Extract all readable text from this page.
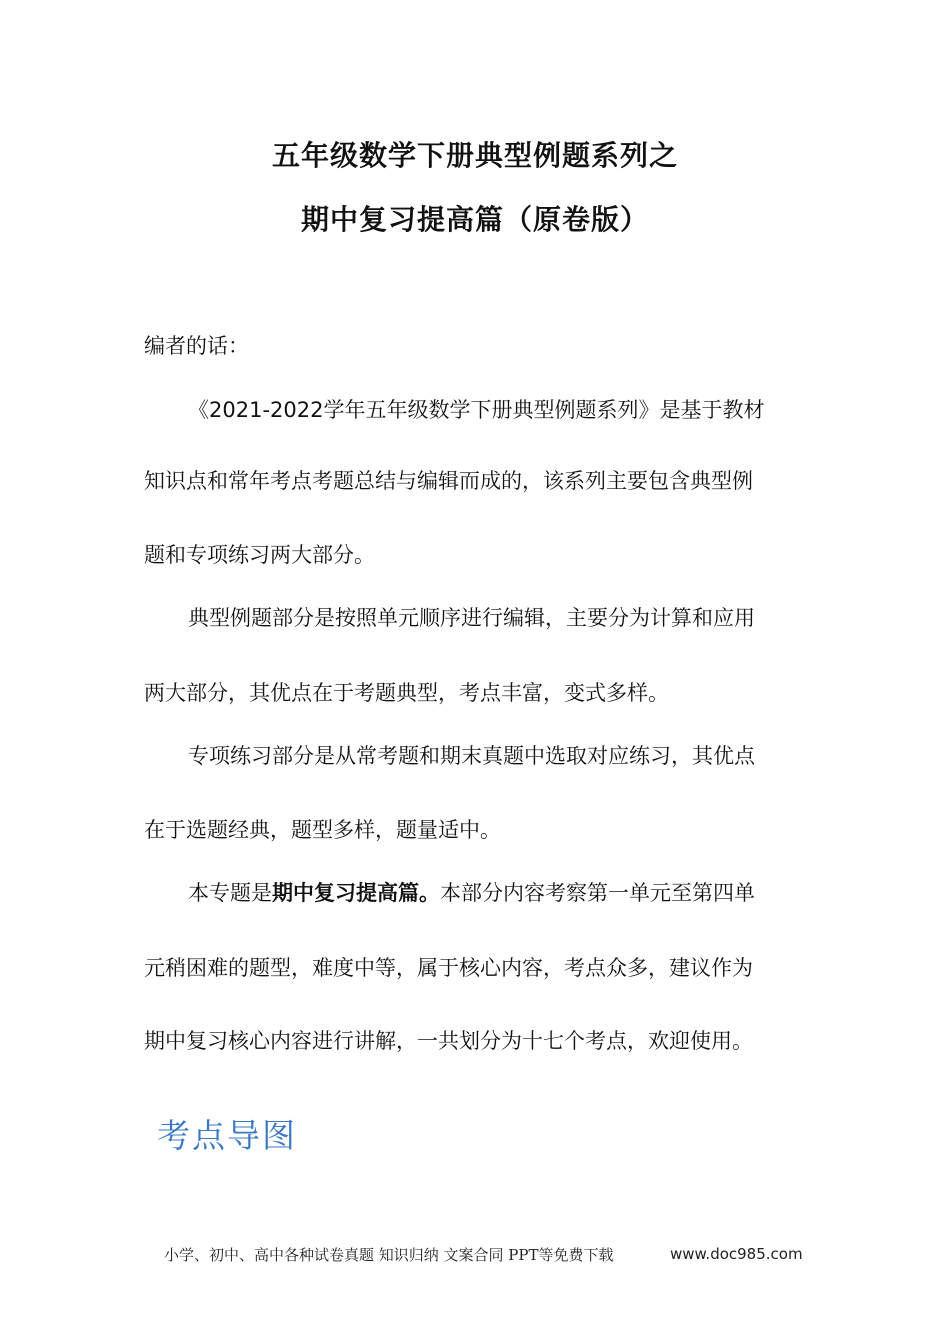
五年级数学下册典型例题系列之
期中复习提高篇（原卷版）
编者的话：
《2021-2022学年五年级数学下册典型例题系列》是基于教材
知识点和常年考点考题总结与编辑而成的，该系列主要包含典型例
题和专项练习两大部分。
典型例题部分是按照单元顺序进行编辑，主要分为计算和应用
两大部分，其优点在于考题典型，考点丰富，变式多样。
专项练习部分是从常考题和期末真题中选取对应练习，其优点
在于选题经典，题型多样，题量适中。
本专题是期中复习提高篇。本部分内容考察第一单元至第四单
元稍困难的题型，难度中等，属于核心内容，考点众多，建议作为
期中复习核心内容进行讲解，一共划分为十七个考点，欢迎使用。
考点导图
小学、初中、高中各种试卷真题 知识归纳 文案合同 PPT等免费下载	www.doc985.com
